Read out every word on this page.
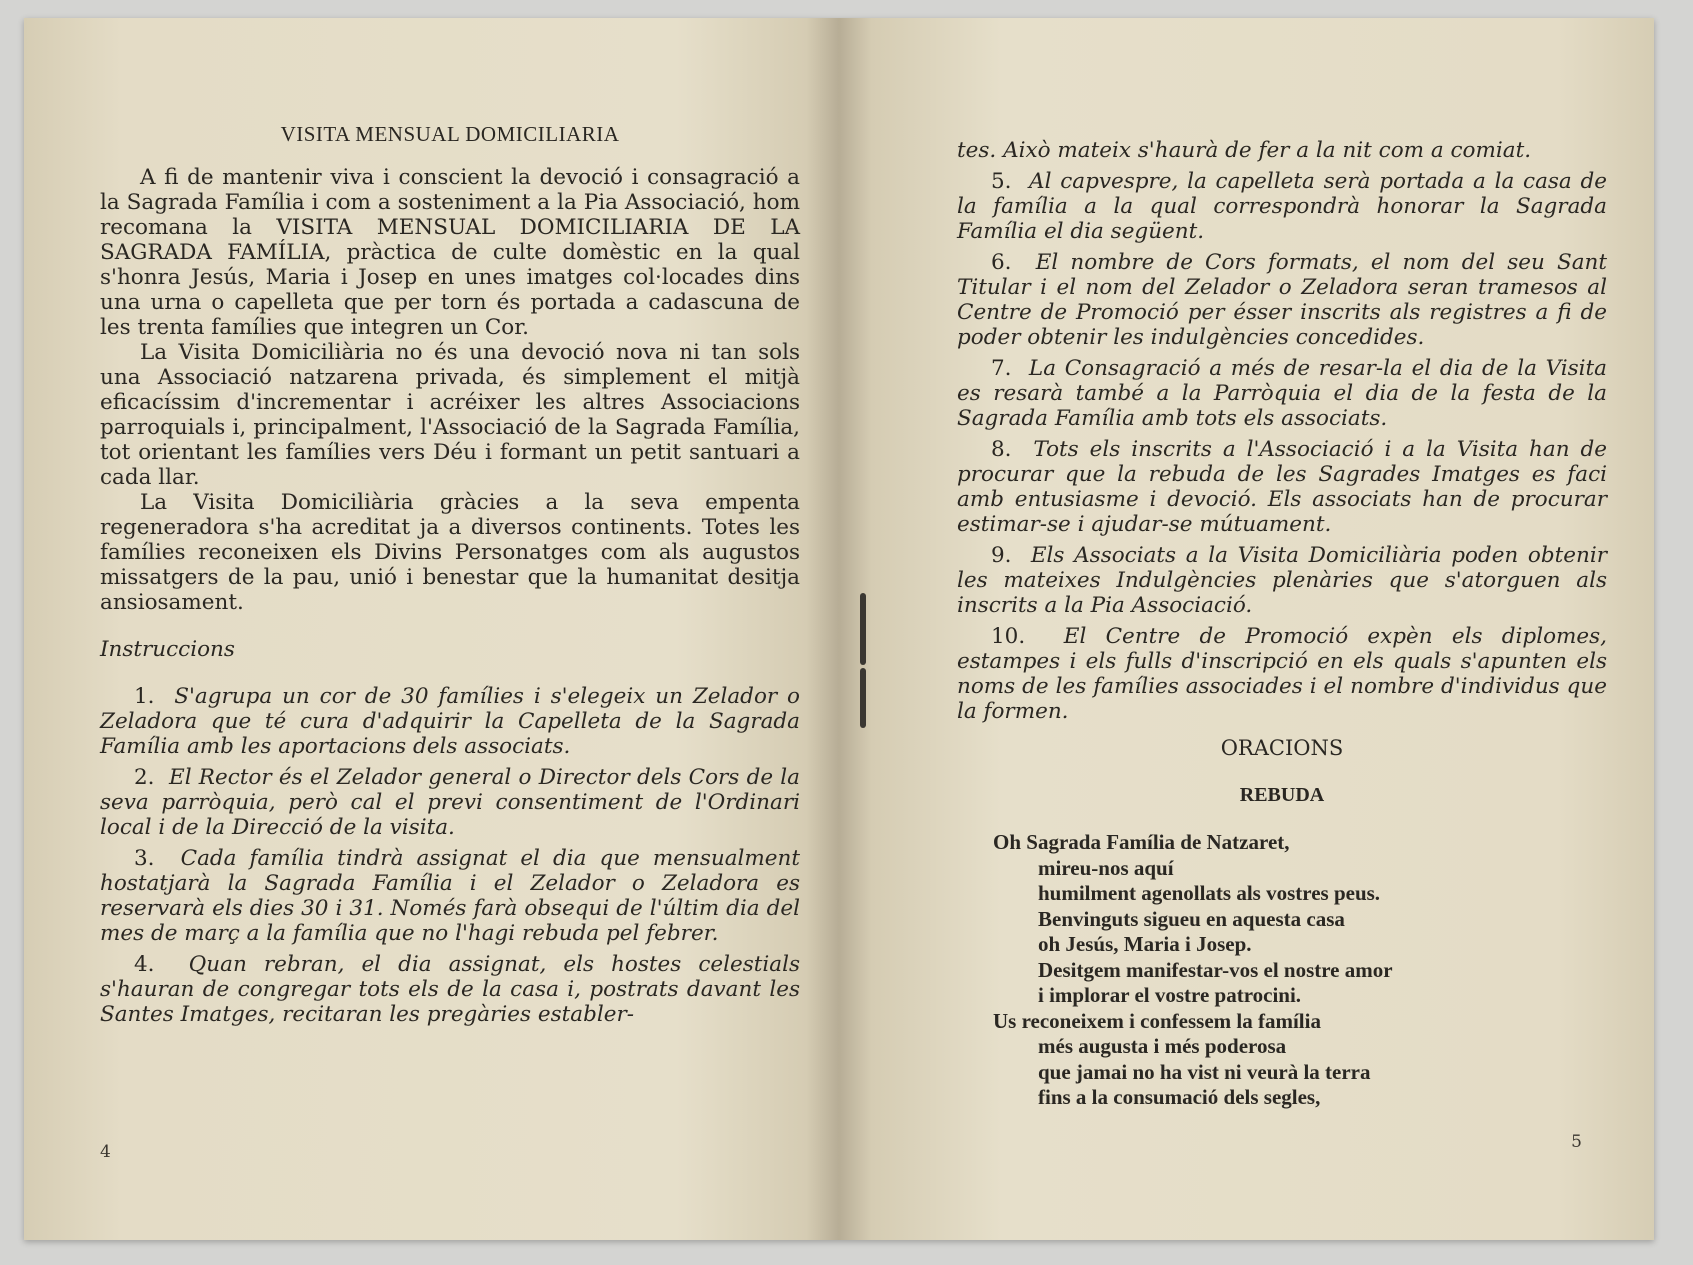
VISITA MENSUAL DOMICILIARIA

A fi de mantenir viva i conscient la devoció i consagració a la Sagrada Família i com a sosteniment a la Pia Associació, hom recomana la VISITA MENSUAL DOMICILIARIA DE LA SAGRADA FAMÍLIA, pràctica de culte domèstic en la qual s'honra Jesús, Maria i Josep en unes imatges col·locades dins una urna o capelleta que per torn és portada a cadascuna de les trenta famílies que integren un Cor.

La Visita Domiciliària no és una devoció nova ni tan sols una Associació natzarena privada, és simplement el mitjà eficacíssim d'incrementar i acréixer les altres Associacions parroquials i, principalment, l'Associació de la Sagrada Família, tot orientant les famílies vers Déu i formant un petit santuari a cada llar.

La Visita Domiciliària gràcies a la seva empenta regeneradora s'ha acreditat ja a diversos continents. Totes les famílies reconeixen els Divins Personatges com als augustos missatgers de la pau, unió i benestar que la humanitat desitja ansiosament.

Instruccions

1. S'agrupa un cor de 30 famílies i s'elegeix un Zelador o Zeladora que té cura d'adquirir la Capelleta de la Sagrada Família amb les aportacions dels associats.

2. El Rector és el Zelador general o Director dels Cors de la seva parròquia, però cal el previ consentiment de l'Ordinari local i de la Direcció de la visita.

3. Cada família tindrà assignat el dia que mensualment hostatjarà la Sagrada Família i el Zelador o Zeladora es reservarà els dies 30 i 31. Només farà obsequi de l'últim dia del mes de març a la família que no l'hagi rebuda pel febrer.

4. Quan rebran, el dia assignat, els hostes celestials s'hauran de congregar tots els de la casa i, postrats davant les Santes Imatges, recitaran les pregàries establer-

4

tes. Això mateix s'haurà de fer a la nit com a comiat.

5. Al capvespre, la capelleta serà portada a la casa de la família a la qual correspondrà honorar la Sagrada Família el dia següent.

6. El nombre de Cors formats, el nom del seu Sant Titular i el nom del Zelador o Zeladora seran tramesos al Centre de Promoció per ésser inscrits als registres a fi de poder obtenir les indulgències concedides.

7. La Consagració a més de resar-la el dia de la Visita es resarà també a la Parròquia el dia de la festa de la Sagrada Família amb tots els associats.

8. Tots els inscrits a l'Associació i a la Visita han de procurar que la rebuda de les Sagrades Imatges es faci amb entusiasme i devoció. Els associats han de procurar estimar-se i ajudar-se mútuament.

9. Els Associats a la Visita Domiciliària poden obtenir les mateixes Indulgències plenàries que s'atorguen als inscrits a la Pia Associació.

10. El Centre de Promoció expèn els diplomes, estampes i els fulls d'inscripció en els quals s'apunten els noms de les famílies associades i el nombre d'individus que la formen.

ORACIONS
REBUDA
Oh Sagrada Família de Natzaret,
mireu-nos aquí
humilment agenollats als vostres peus.
Benvinguts sigueu en aquesta casa
oh Jesús, Maria i Josep.
Desitgem manifestar-vos el nostre amor
i implorar el vostre patrocini.
Us reconeixem i confessem la família
més augusta i més poderosa
que jamai no ha vist ni veurà la terra
fins a la consumació dels segles,
5
